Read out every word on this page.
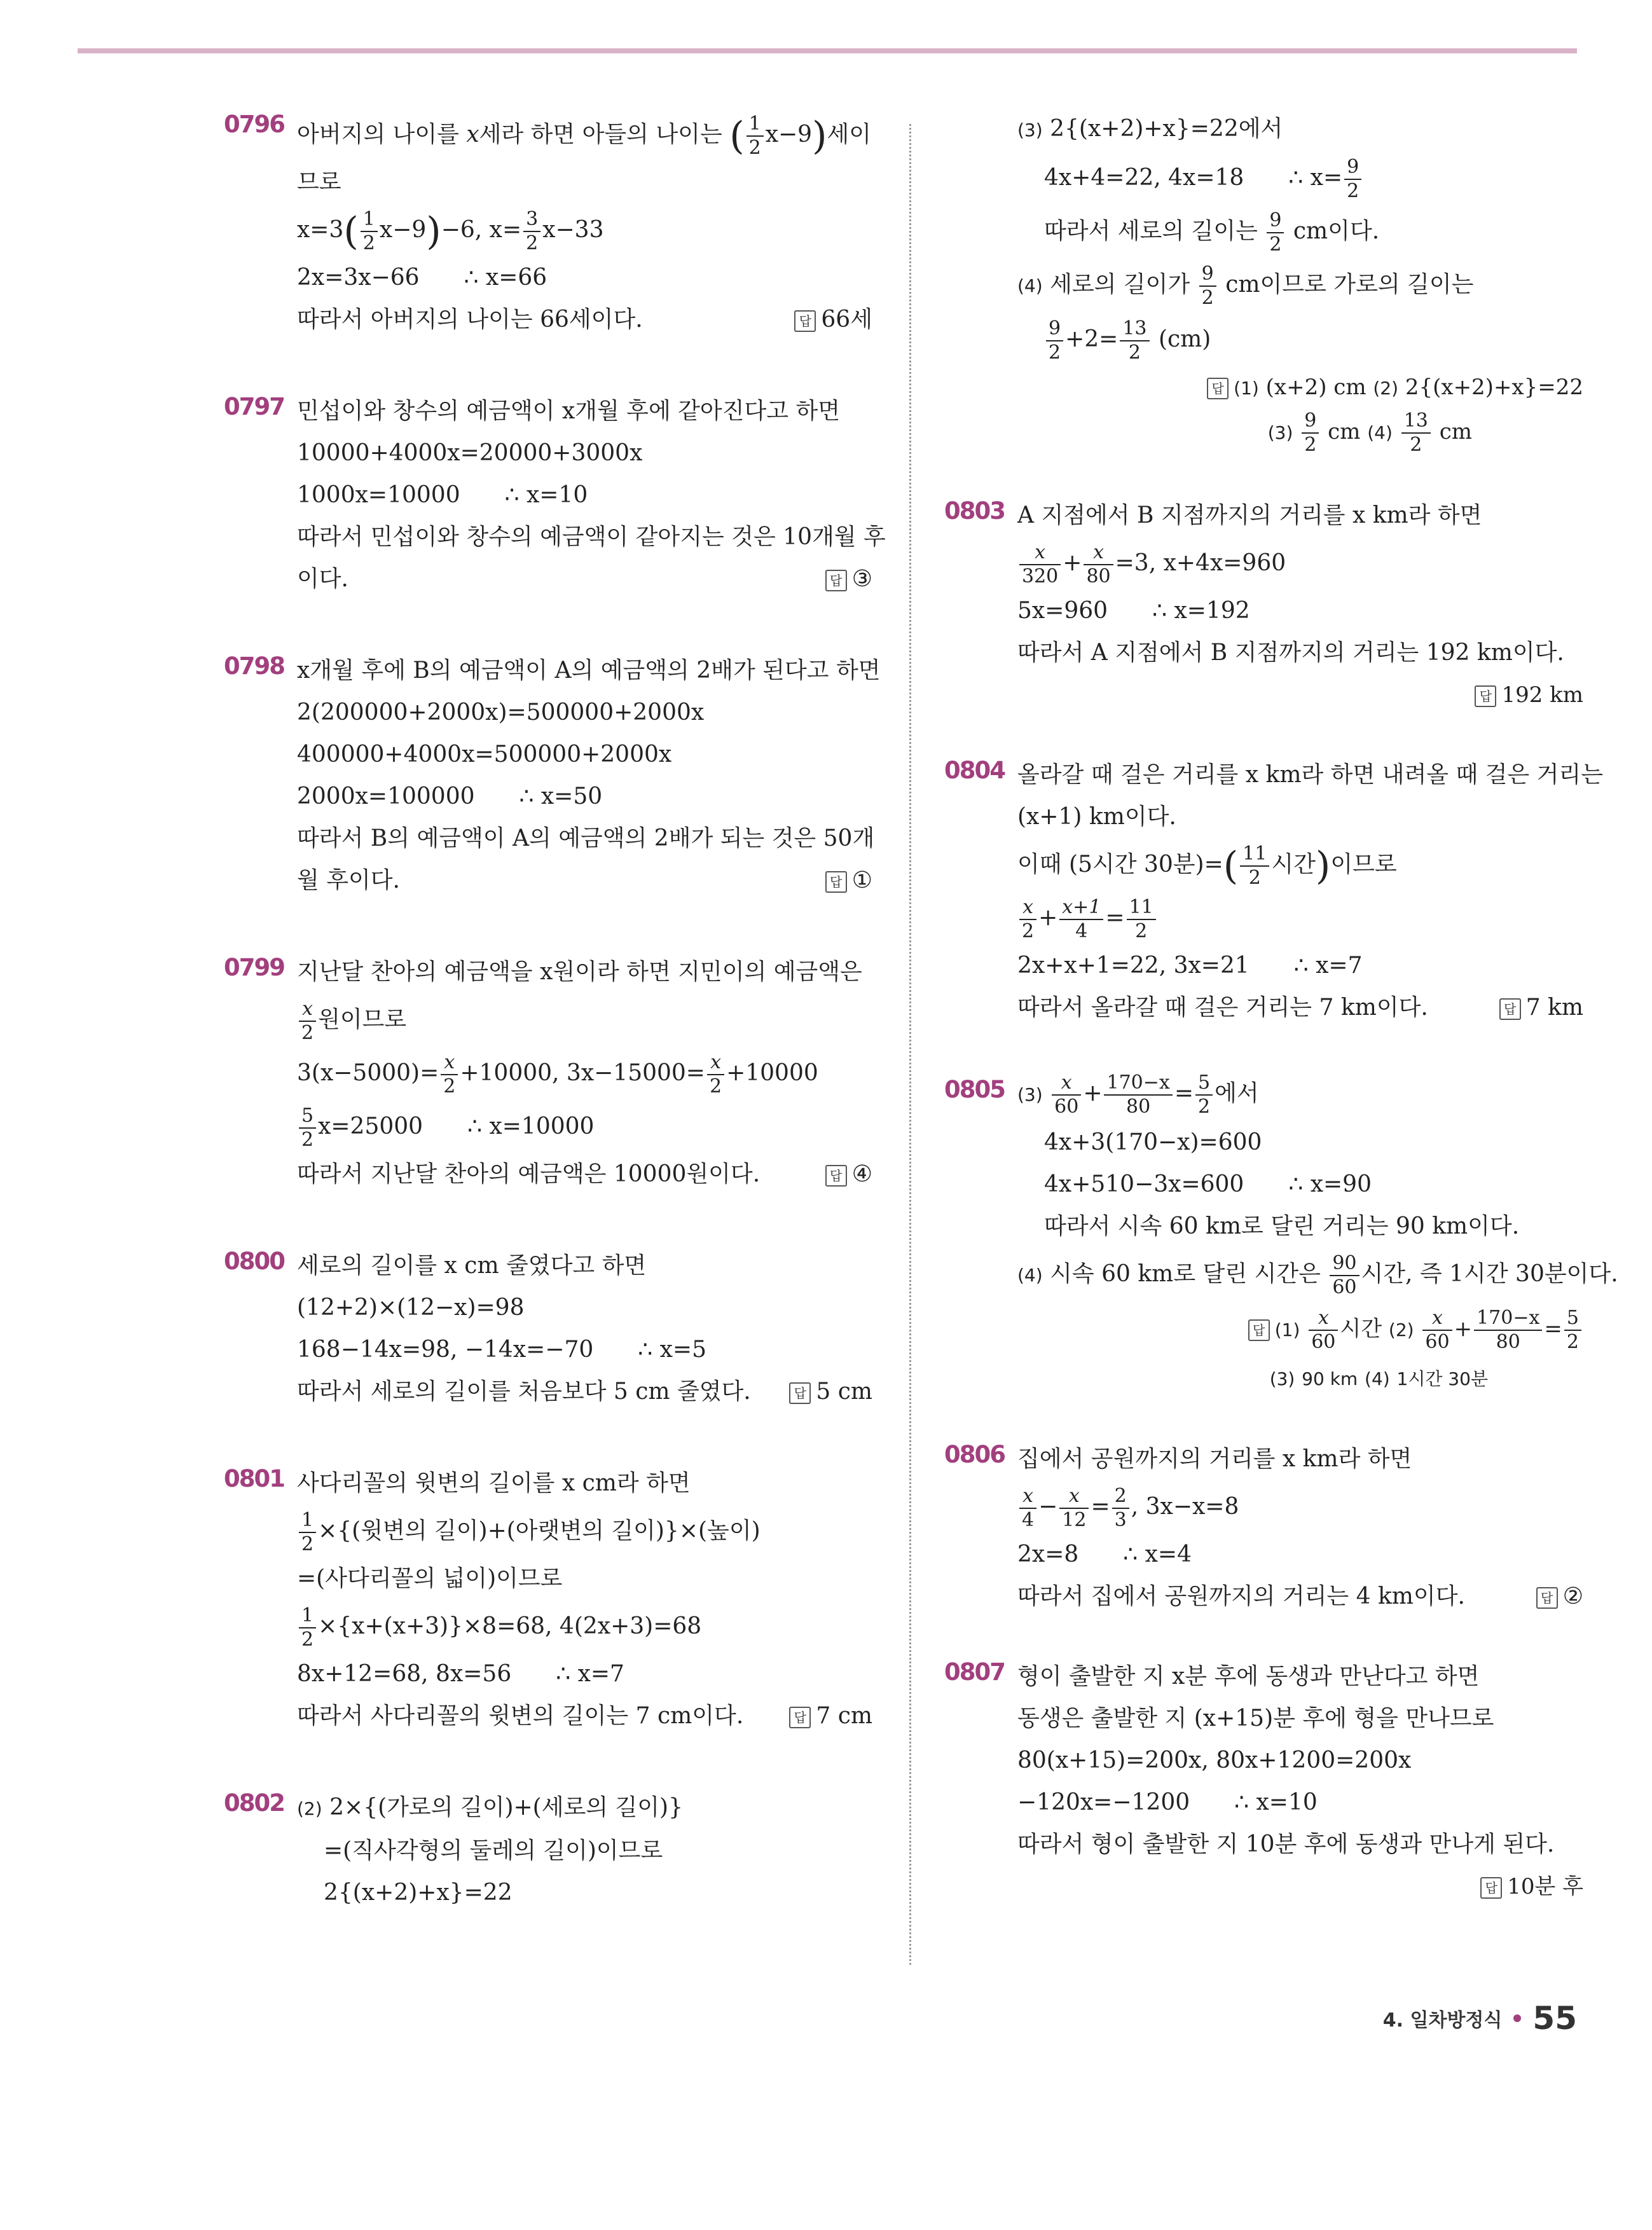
0796 아버지의 나이를 x세라 하면 아들의 나이는 ( $\frac{1}{2} x-9$)세이
므로
$x=3( \frac{1}{2} x-9)-6$, $x= \frac{3}{2} x-33$
2x=3x−66 ∴ x=66
따라서 아버지의 나이는 66세이다.	답 66세
0797 민섭이와 창수의 예금액이 x개월 후에 같아진다고 하면
10000+4000x=20000+3000x
1000x=10000 ∴ x=10
따라서 민섭이와 창수의 예금액이 같아지는 것은 10개월 후
이다.	답 ③
0798 x개월 후에 B의 예금액이 A의 예금액의 2배가 된다고 하면
2(200000+2000x)=500000+2000x
400000+4000x=500000+2000x
2000x=100000 ∴ x=50
따라서 B의 예금액이 A의 예금액의 2배가 되는 것은 50개
월 후이다.	답 ①
0799 지난달 찬아의 예금액을 x원이라 하면 지민이의 예금액은
$\frac{x}{2}$ 원이므로
$3(x-5000)= \frac{x}{2} +10000$, $3x-15000= \frac{x}{2} +10000$
$\frac{5}{2} x=25000$ ∴ x=10000
따라서 지난달 찬아의 예금액은 10000원이다.	답 ④
0800 세로의 길이를 x cm 줄였다고 하면
(12+2)×(12−x)=98
168−14x=98, −14x=−70 ∴ x=5
따라서 세로의 길이를 처음보다 5 cm 줄였다.	답 5 cm
0801 사다리꼴의 윗변의 길이를 x cm라 하면
$\frac{1}{2}$ ×{(윗변의 길이)+(아랫변의 길이)}×(높이)
=(사다리꼴의 넓이)이므로
$\frac{1}{2} \times\{x+(x+3)\}\times 8=68$, 4(2x+3)=68
8x+12=68, 8x=56 ∴ x=7
따라서 사다리꼴의 윗변의 길이는 7 cm이다.	답 7 cm
0802 (2) 2×{(가로의 길이)+(세로의 길이)}
=(직사각형의 둘레의 길이)이므로
2{(x+2)+x}=22
(3) 2{(x+2)+x}=22에서
4x+4=22, 4x=18 ∴ $x= \frac{9}{2}$
따라서 세로의 길이는 $\frac{9}{2}$ cm이다.
(4) 세로의 길이가 $\frac{9}{2}$ cm이므로 가로의 길이는
$\frac{9}{2} +2= \frac{13}{2} (cm)$
답 (1) (x+2) cm (2) 2{(x+2)+x}=22
$(3) \frac{9}{2}$ cm $(4) \frac{13}{2}$ cm
0803 A 지점에서 B 지점까지의 거리를 x km라 하면
$\frac{x}{320} + \frac{x}{80} =3$, x+4x=960
5x=960 ∴ x=192
따라서 A 지점에서 B 지점까지의 거리는 192 km이다.
답 192 km
0804 올라갈 때 걸은 거리를 x km라 하면 내려올 때 걸은 거리는
(x+1) km이다.
이때 (5시간 30분)=( $\frac{11}{2}$ 시간)이므로
$\frac{x}{2} + \frac{x+1}{4} = \frac{11}{2}$
2x+x+1=22, 3x=21 ∴ x=7
따라서 올라갈 때 걸은 거리는 7 km이다.	답 7 km
0805 $(3) \frac{x}{60} + \frac{170-x}{80} = \frac{5}{2}$ 에서
4x+3(170−x)=600
4x+510−3x=600 ∴ x=90
따라서 시속 60 km로 달린 거리는 90 km이다.
(4) 시속 60 km로 달린 시간은 $\frac{90}{60}$ 시간, 즉 1시간 30분이다.
답 $(1) \frac{x}{60}$ 시간 $(2) \frac{x}{60} + \frac{170-x}{80} = \frac{5}{2}$
(3) 90 km (4) 1시간 30분
0806 집에서 공원까지의 거리를 x km라 하면
$\frac{x}{4} - \frac{x}{12} = \frac{2}{3}$ , 3x−x=8
2x=8 ∴ x=4
따라서 집에서 공원까지의 거리는 4 km이다.	답 ②
0807 형이 출발한 지 x분 후에 동생과 만난다고 하면
동생은 출발한 지 (x+15)분 후에 형을 만나므로
80(x+15)=200x, 80x+1200=200x
−120x=−1200 ∴ x=10
따라서 형이 출발한 지 10분 후에 동생과 만나게 된다.
답 10분 후
4. 일차방정식 55
